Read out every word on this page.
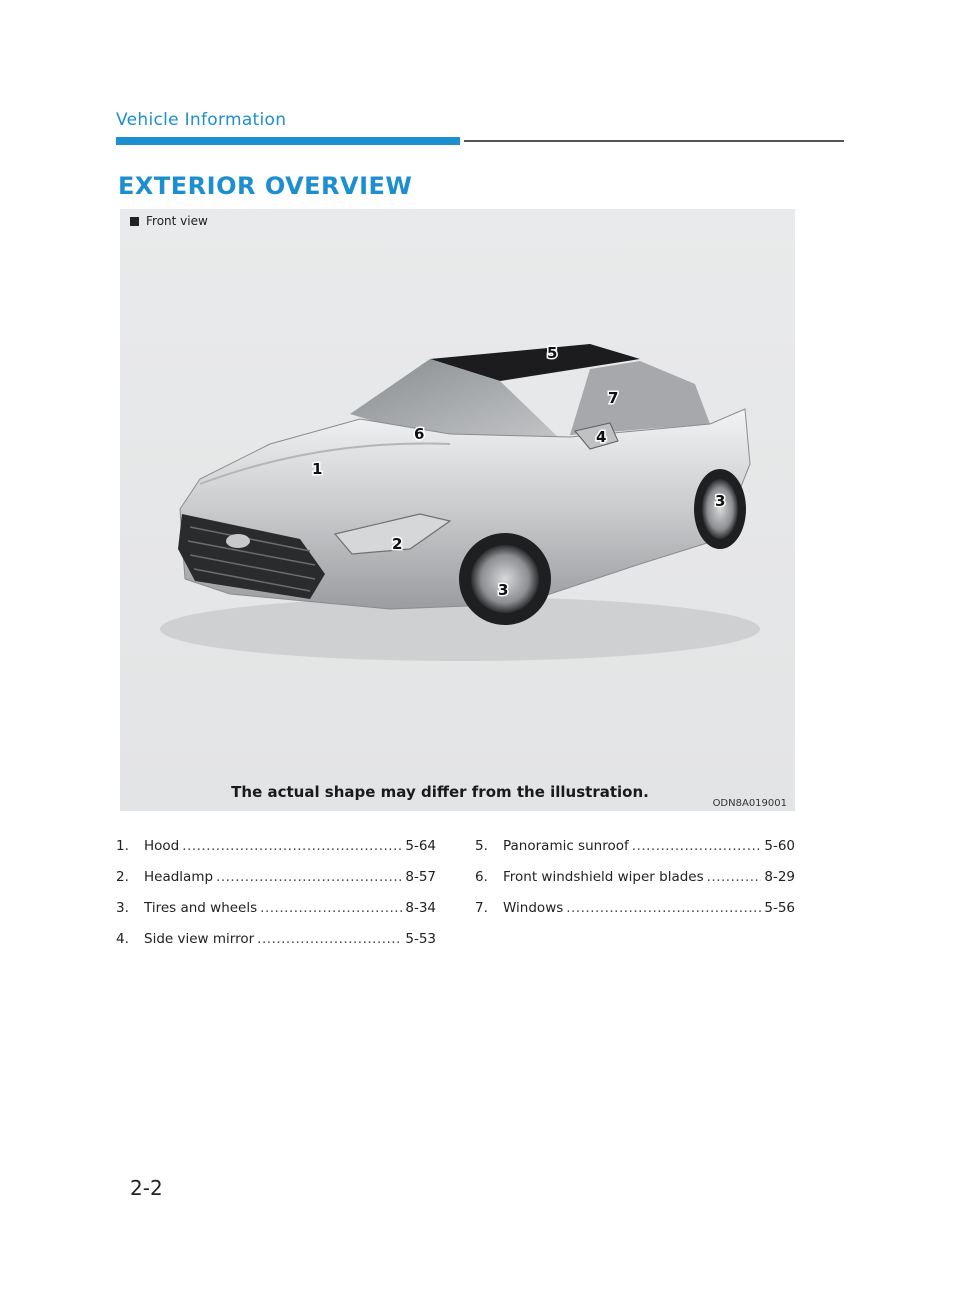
Vehicle Information
EXTERIOR OVERVIEW
Front view
1
2
3
3
4
5
6
7
The actual shape may differ from the illustration.
ODN8A019001
1.	Hood .....	5-64
2.	Headlamp .....	8-57
3.	Tires and wheels .....	8-34
4.	Side view mirror .....	5-53
5.	Panoramic sunroof .....	5-60
6.	Front windshield wiper blades .....	8-29
7.	Windows .....	5-56
2-2
